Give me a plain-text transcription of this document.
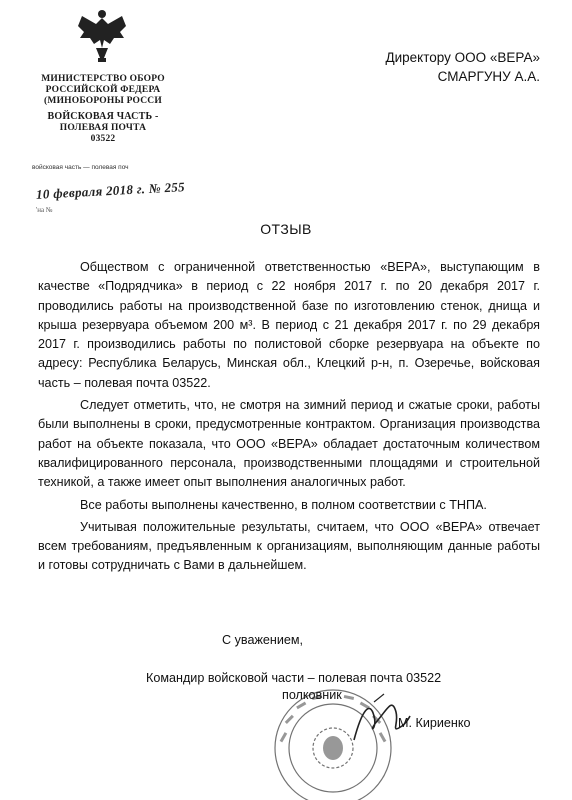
МИНИСТЕРСТВО ОБОРО
РОССИЙСКОЙ ФЕДЕРА
(МИНОБОРОНЫ РОССИ
ВОЙСКОВАЯ ЧАСТЬ -
ПОЛЕВАЯ ПОЧТА
03522
войсковая часть — полевая поч
10 февраля 2018 г. № 255
'на №
Директору ООО «ВЕРА»
СМАРГУНУ А.А.
ОТЗЫВ

Обществом с ограниченной ответственностью «ВЕРА», выступающим в качестве «Подрядчика» в период с 22 ноября 2017 г. по 20 декабря 2017 г. проводились работы на производственной базе по изготовлению стенок, днища и крыша резервуара объемом 200 м³. В период с 21 декабря 2017 г. по 29 декабря 2017 г. производились работы по полистовой сборке резервуара на объекте по адресу: Республика Беларусь, Минская обл., Клецкий р-н, п. Озеречье, войсковая часть – полевая почта 03522.

Следует отметить, что, не смотря на зимний период и сжатые сроки, работы были выполнены в сроки, предусмотренные контрактом. Организация производства работ на объекте показала, что ООО «ВЕРА» обладает достаточным количеством квалифицированного персонала, производственными площадями и строительной техникой, а также имеет опыт выполнения аналогичных работ.

Все работы выполнены качественно, в полном соответствии с ТНПА.

Учитывая положительные результаты, считаем, что ООО «ВЕРА» отвечает всем требованиям, предъявленным к организациям, выполняющим данные работы и готовы сотрудничать с Вами в дальнейшем.

С уважением,
Командир войсковой части – полевая почта 03522
полковник
М. Кириенко
